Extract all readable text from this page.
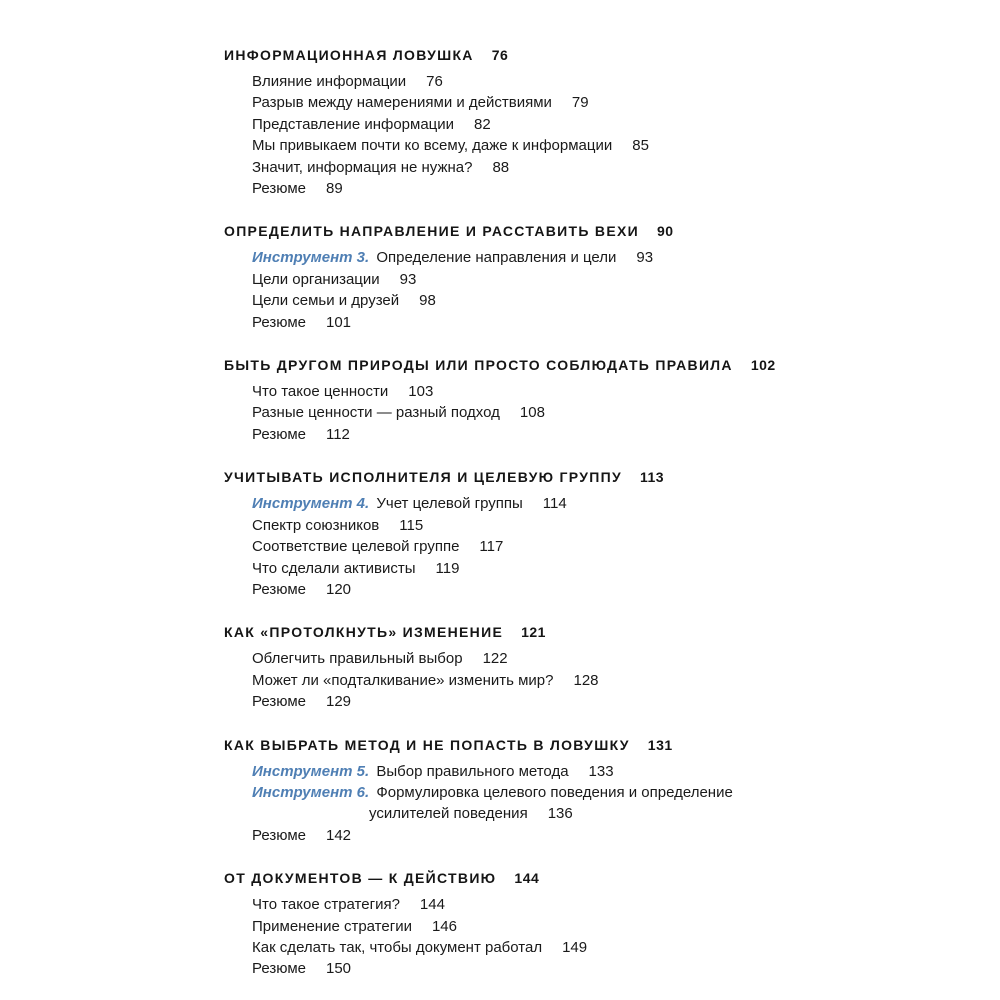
ИНФОРМАЦИОННАЯ ЛОВУШКА 76
Влияние информации 76
Разрыв между намерениями и действиями 79
Представление информации 82
Мы привыкаем почти ко всему, даже к информации 85
Значит, информация не нужна? 88
Резюме 89
ОПРЕДЕЛИТЬ НАПРАВЛЕНИЕ И РАССТАВИТЬ ВЕХИ 90
Инструмент 3. Определение направления и цели 93
Цели организации 93
Цели семьи и друзей 98
Резюме 101
БЫТЬ ДРУГОМ ПРИРОДЫ ИЛИ ПРОСТО СОБЛЮДАТЬ ПРАВИЛА 102
Что такое ценности 103
Разные ценности — разный подход 108
Резюме 112
УЧИТЫВАТЬ ИСПОЛНИТЕЛЯ И ЦЕЛЕВУЮ ГРУППУ 113
Инструмент 4. Учет целевой группы 114
Спектр союзников 115
Соответствие целевой группе 117
Что сделали активисты 119
Резюме 120
КАК «ПРОТОЛКНУТЬ» ИЗМЕНЕНИЕ 121
Облегчить правильный выбор 122
Может ли «подталкивание» изменить мир? 128
Резюме 129
КАК ВЫБРАТЬ МЕТОД И НЕ ПОПАСТЬ В ЛОВУШКУ 131
Инструмент 5. Выбор правильного метода 133
Инструмент 6. Формулировка целевого поведения и определение
усилителей поведения 136
Резюме 142
ОТ ДОКУМЕНТОВ — К ДЕЙСТВИЮ 144
Что такое стратегия? 144
Применение стратегии 146
Как сделать так, чтобы документ работал 149
Резюме 150
